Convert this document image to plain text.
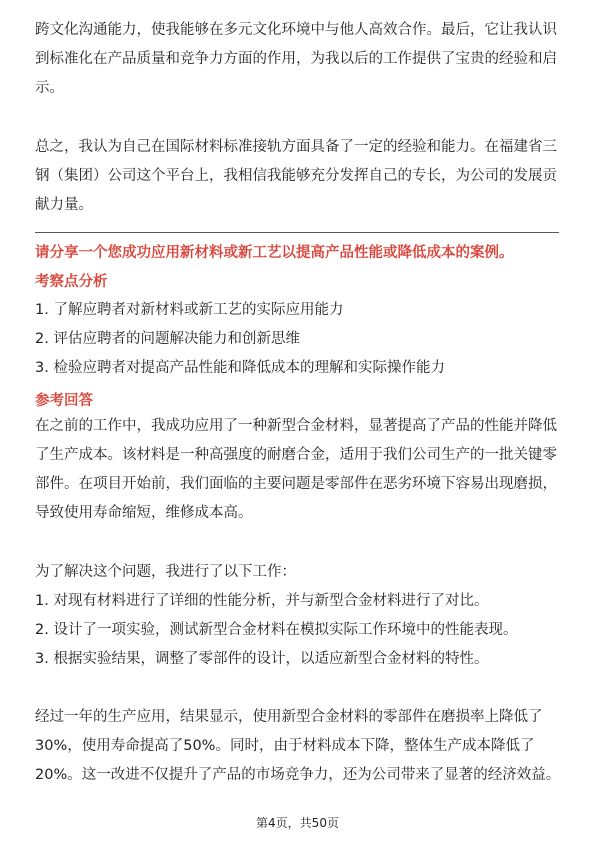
跨文化沟通能力，使我能够在多元文化环境中与他人高效合作。最后，它让我认识
到标准化在产品质量和竞争力方面的作用，为我以后的工作提供了宝贵的经验和启
示。
总之，我认为自己在国际材料标准接轨方面具备了一定的经验和能力。在福建省三
钢（集团）公司这个平台上，我相信我能够充分发挥自己的专长，为公司的发展贡
献力量。
请分享一个您成功应用新材料或新工艺以提高产品性能或降低成本的案例。
考察点分析
1. 了解应聘者对新材料或新工艺的实际应用能力
2. 评估应聘者的问题解决能力和创新思维
3. 检验应聘者对提高产品性能和降低成本的理解和实际操作能力
参考回答
在之前的工作中，我成功应用了一种新型合金材料，显著提高了产品的性能并降低
了生产成本。该材料是一种高强度的耐磨合金，适用于我们公司生产的一批关键零
部件。在项目开始前，我们面临的主要问题是零部件在恶劣环境下容易出现磨损，
导致使用寿命缩短，维修成本高。
为了解决这个问题，我进行了以下工作：
1. 对现有材料进行了详细的性能分析，并与新型合金材料进行了对比。
2. 设计了一项实验，测试新型合金材料在模拟实际工作环境中的性能表现。
3. 根据实验结果，调整了零部件的设计，以适应新型合金材料的特性。
经过一年的生产应用，结果显示，使用新型合金材料的零部件在磨损率上降低了
30%，使用寿命提高了50%。同时，由于材料成本下降，整体生产成本降低了
20%。这一改进不仅提升了产品的市场竞争力，还为公司带来了显著的经济效益。
第4页，共50页
